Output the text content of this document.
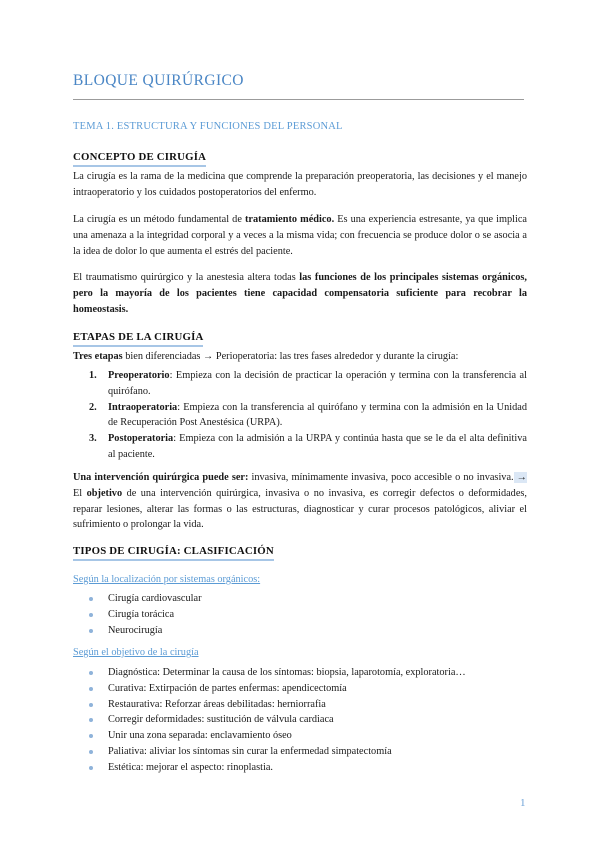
BLOQUE QUIRÚRGICO
TEMA 1. ESTRUCTURA Y FUNCIONES DEL PERSONAL
CONCEPTO DE CIRUGÍA
La cirugía es la rama de la medicina que comprende la preparación preoperatoria, las decisiones y el manejo intraoperatorio y los cuidados postoperatorios del enfermo.
La cirugía es un método fundamental de tratamiento médico. Es una experiencia estresante, ya que implica una amenaza a la integridad corporal y a veces a la misma vida; con frecuencia se produce dolor o se asocia a la idea de dolor lo que aumenta el estrés del paciente.
El traumatismo quirúrgico y la anestesia altera todas las funciones de los principales sistemas orgánicos, pero la mayoría de los pacientes tiene capacidad compensatoria suficiente para recobrar la homeostasis.
ETAPAS DE LA CIRUGÍA
Tres etapas bien diferenciadas → Perioperatoria: las tres fases alrededor y durante la cirugía:
1. Preoperatorio: Empieza con la decisión de practicar la operación y termina con la transferencia al quirófano.
2. Intraoperatoria: Empieza con la transferencia al quirófano y termina con la admisión en la Unidad de Recuperación Post Anestésica (URPA).
3. Postoperatoria: Empieza con la admisión a la URPA y continúa hasta que se le da el alta definitiva al paciente.
Una intervención quirúrgica puede ser: invasiva, mínimamente invasiva, poco accesible o no invasiva. → El objetivo de una intervención quirúrgica, invasiva o no invasiva, es corregir defectos o deformidades, reparar lesiones, alterar las formas o las estructuras, diagnosticar y curar procesos patológicos, aliviar el sufrimiento o prolongar la vida.
TIPOS DE CIRUGÍA: CLASIFICACIÓN
Según la localización por sistemas orgánicos:
Cirugía cardiovascular
Cirugía torácica
Neurocirugía
Según el objetivo de la cirugía
Diagnóstica: Determinar la causa de los síntomas: biopsia, laparotomía, exploratoria…
Curativa: Extirpación de partes enfermas: apendicectomía
Restaurativa: Reforzar áreas debilitadas: herniorrafia
Corregir deformidades: sustitución de válvula cardiaca
Unir una zona separada: enclavamiento óseo
Paliativa: aliviar los síntomas sin curar la enfermedad simpatectomía
Estética: mejorar el aspecto: rinoplastia.
1
